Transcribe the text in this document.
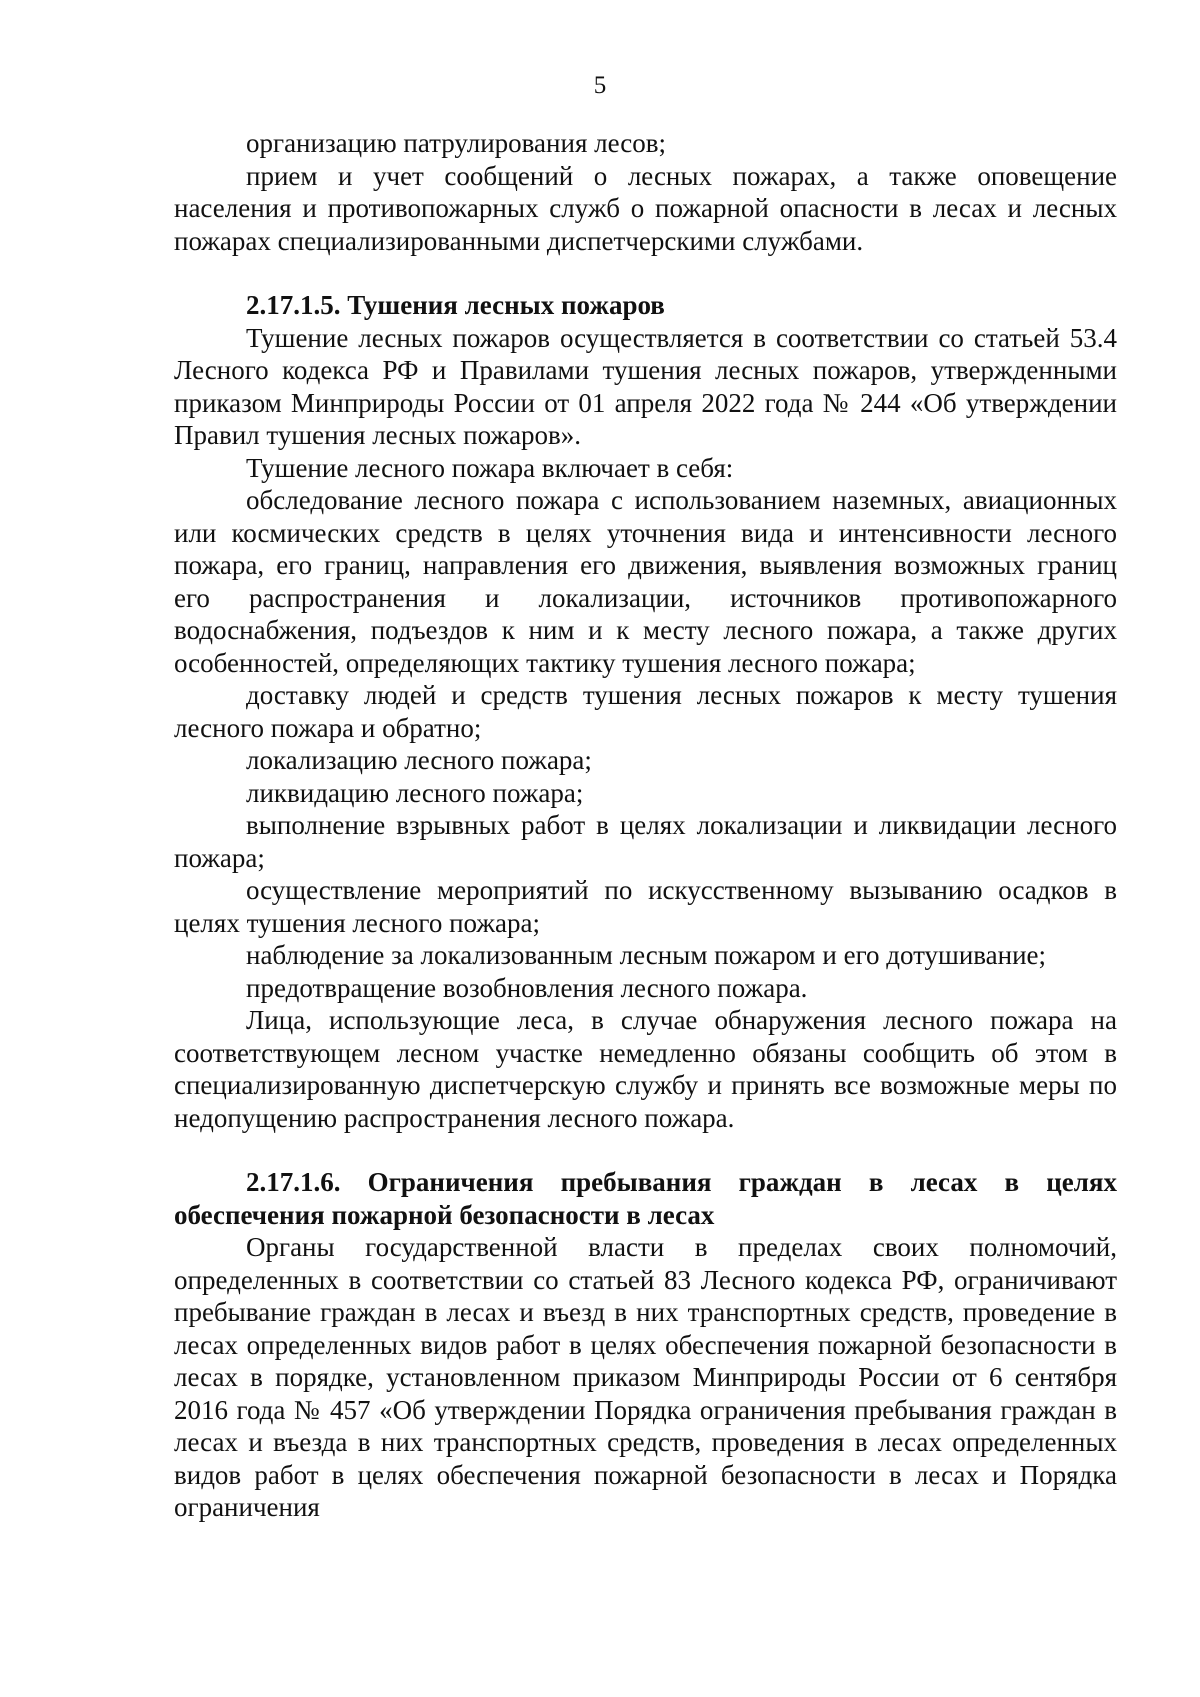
5

организацию патрулирования лесов;

прием и учет сообщений о лесных пожарах, а также оповещение населения и противопожарных служб о пожарной опасности в лесах и лесных пожарах специализированными диспетчерскими службами.

2.17.1.5. Тушения лесных пожаров

Тушение лесных пожаров осуществляется в соответствии со статьей 53.4 Лесного кодекса РФ и Правилами тушения лесных пожаров, утвержденными приказом Минприроды России от 01 апреля 2022 года № 244 «Об утверждении Правил тушения лесных пожаров».

Тушение лесного пожара включает в себя:

обследование лесного пожара с использованием наземных, авиационных или космических средств в целях уточнения вида и интенсивности лесного пожара, его границ, направления его движения, выявления возможных границ его распространения и локализации, источников противопожарного водоснабжения, подъездов к ним и к месту лесного пожара, а также других особенностей, определяющих тактику тушения лесного пожара;

доставку людей и средств тушения лесных пожаров к месту тушения лесного пожара и обратно;

локализацию лесного пожара;

ликвидацию лесного пожара;

выполнение взрывных работ в целях локализации и ликвидации лесного пожара;

осуществление мероприятий по искусственному вызыванию осадков в целях тушения лесного пожара;

наблюдение за локализованным лесным пожаром и его дотушивание;

предотвращение возобновления лесного пожара.

Лица, использующие леса, в случае обнаружения лесного пожара на соответствующем лесном участке немедленно обязаны сообщить об этом в специализированную диспетчерскую службу и принять все возможные меры по недопущению распространения лесного пожара.

2.17.1.6. Ограничения пребывания граждан в лесах в целях обеспечения пожарной безопасности в лесах

Органы государственной власти в пределах своих полномочий, определенных в соответствии со статьей 83 Лесного кодекса РФ, ограничивают пребывание граждан в лесах и въезд в них транспортных средств, проведение в лесах определенных видов работ в целях обеспечения пожарной безопасности в лесах в порядке, установленном приказом Минприроды России от 6 сентября 2016 года № 457 «Об утверждении Порядка ограничения пребывания граждан в лесах и въезда в них транспортных средств, проведения в лесах определенных видов работ в целях обеспечения пожарной безопасности в лесах и Порядка ограничения
